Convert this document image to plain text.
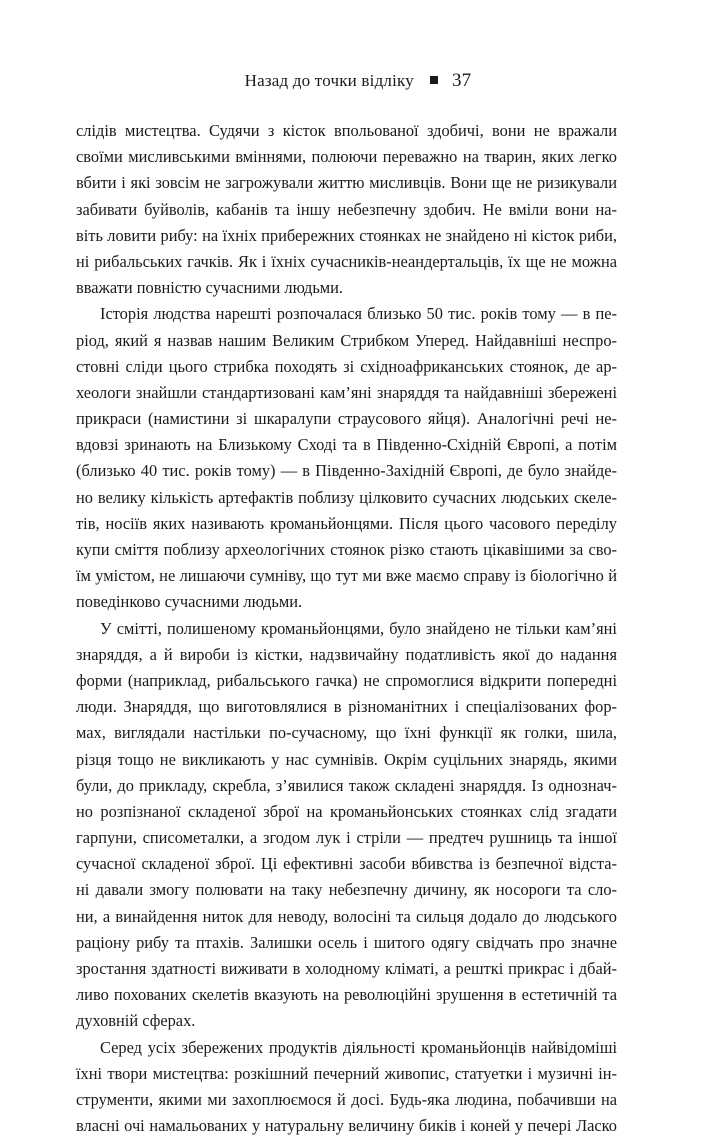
Назад до точки відліку 37
слідів мистецтва. Судячи з кісток впольованої здобичі, вони не вражали
своїми мисливськими вміннями, полюючи переважно на тварин, яких легко
вбити і які зовсім не загрожували життю мисливців. Вони ще не ризикували
забивати буйволів, кабанів та іншу небезпечну здобич. Не вміли вони на-
віть ловити рибу: на їхніх прибережних стоянках не знайдено ні кісток риби,
ні рибальських гачків. Як і їхніх сучасників-неандертальців, їх ще не можна
вважати повністю сучасними людьми.
Історія людства нарешті розпочалася близько 50 тис. років тому — в пе-
ріод, який я назвав нашим Великим Стрибком Уперед. Найдавніші неспро-
стовні сліди цього стрибка походять зі східноафриканських стоянок, де ар-
хеологи знайшли стандартизовані кам’яні знаряддя та найдавніші збережені
прикраси (намистини зі шкаралупи страусового яйця). Аналогічні речі не-
вдовзі зринають на Близькому Сході та в Південно-Східній Європі, а потім
(близько 40 тис. років тому) — в Південно-Західній Європі, де було знайде-
но велику кількість артефактів поблизу цілковито сучасних людських скеле-
тів, носіїв яких називають кроманьйонцями. Після цього часового переділу
купи сміття поблизу археологічних стоянок різко стають цікавішими за сво-
їм умістом, не лишаючи сумніву, що тут ми вже маємо справу із біологічно й
поведінково сучасними людьми.
У смітті, полишеному кроманьйонцями, було знайдено не тільки кам’яні
знаряддя, а й вироби із кістки, надзвичайну податливість якої до надання
форми (наприклад, рибальського гачка) не спромоглися відкрити попередні
люди. Знаряддя, що виготовлялися в різноманітних і спеціалізованих фор-
мах, виглядали настільки по-сучасному, що їхні функції як голки, шила,
різця тощо не викликають у нас сумнівів. Окрім суцільних знарядь, якими
були, до прикладу, скребла, з’явилися також складені знаряддя. Із однознач-
но розпізнаної складеної зброї на кроманьйонських стоянках слід згадати
гарпуни, списометалки, а згодом лук і стріли — предтеч рушниць та іншої
сучасної складеної зброї. Ці ефективні засоби вбивства із безпечної відста-
ні давали змогу полювати на таку небезпечну дичину, як носороги та сло-
ни, а винайдення ниток для неводу, волосіні та сильця додало до людського
раціону рибу та птахів. Залишки осель і шитого одягу свідчать про значне
зростання здатності виживати в холодному кліматі, а решткі прикрас і дбай-
ливо похованих скелетів вказують на революційні зрушення в естетичній та
духовній сферах.
Серед усіх збережених продуктів діяльності кроманьйонців найвідоміші
їхні твори мистецтва: розкішний печерний живопис, статуетки і музичні ін-
струменти, якими ми захоплюємося й досі. Будь-яка людина, побачивши на
власні очі намальованих у натуральну величину биків і коней у печері Ласко
